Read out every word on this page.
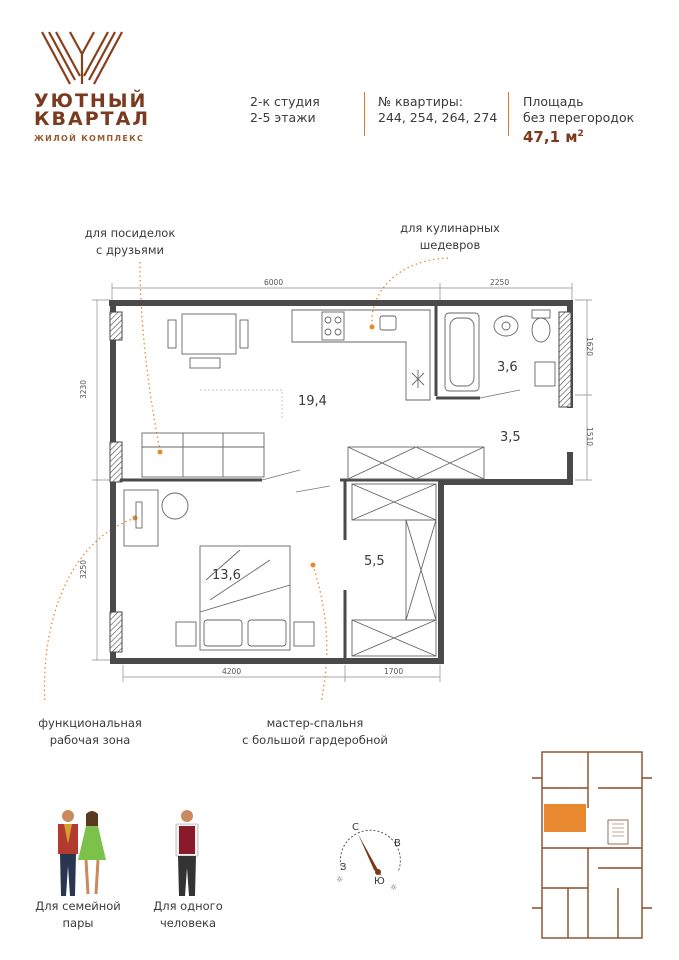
УЮТНЫЙ
КВАРТАЛ
ЖИЛОЙ КОМПЛЕКС
2-к студия
2-5 этажи
№ квартиры:
244, 254, 264, 274
Площадь
без перегородок
47,1 $м^2$
для посиделок
с друзьями
для кулинарных
шедевров
функциональная
рабочая зона
мастер-спальня
с большой гардеробной
19,4
3,6
3,5
13,6
5,5
6000	2250
3230
3250
1620
1510
4200	1700
Для семейной
пары
Для одного
человека
☼
☼
С
В
Ю
З
